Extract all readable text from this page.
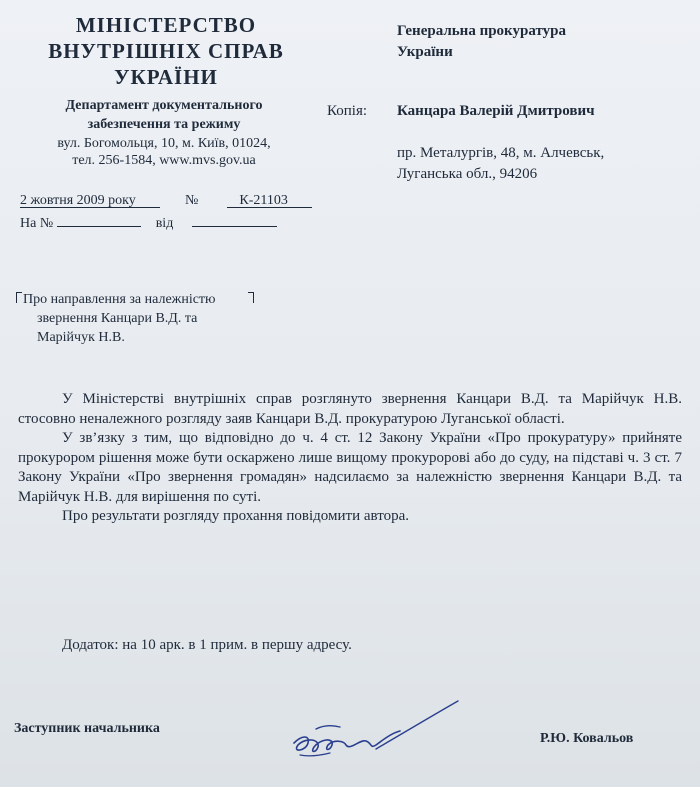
МІНІСТЕРСТВО
ВНУТРІШНІХ СПРАВ
УКРАЇНИ
Департамент документального
забезпечення та режиму
вул. Богомольця, 10, м. Київ, 01024,
тел. 256-1584, www.mvs.gov.ua
2 жовтня 2009 року	№	К-21103
На №	від
Генеральна прокуратура
України
Копія: Канцара Валерій Дмитрович
пр. Металургів, 48, м. Алчевськ,
Луганська обл., 94206
Про направлення за належністю
звернення Канцари В.Д. та
Марійчук Н.В.

У Міністерстві внутрішніх справ розглянуто звернення Канцари В.Д. та Марійчук Н.В. стосовно неналежного розгляду заяв Канцари В.Д. прокуратурою Луганської області.

У зв’язку з тим, що відповідно до ч. 4 ст. 12 Закону України «Про прокуратуру» прийняте прокурором рішення може бути оскаржено лише вищому прокуророві або до суду, на підставі ч. 3 ст. 7 Закону України «Про звернення громадян» надсилаємо за належністю звернення Канцари В.Д. та Марійчук Н.В. для вирішення по суті.

Про результати розгляду прохання повідомити автора.

Додаток: на 10 арк. в 1 прим. в першу адресу.
Заступник начальника
Р.Ю. Ковальов
